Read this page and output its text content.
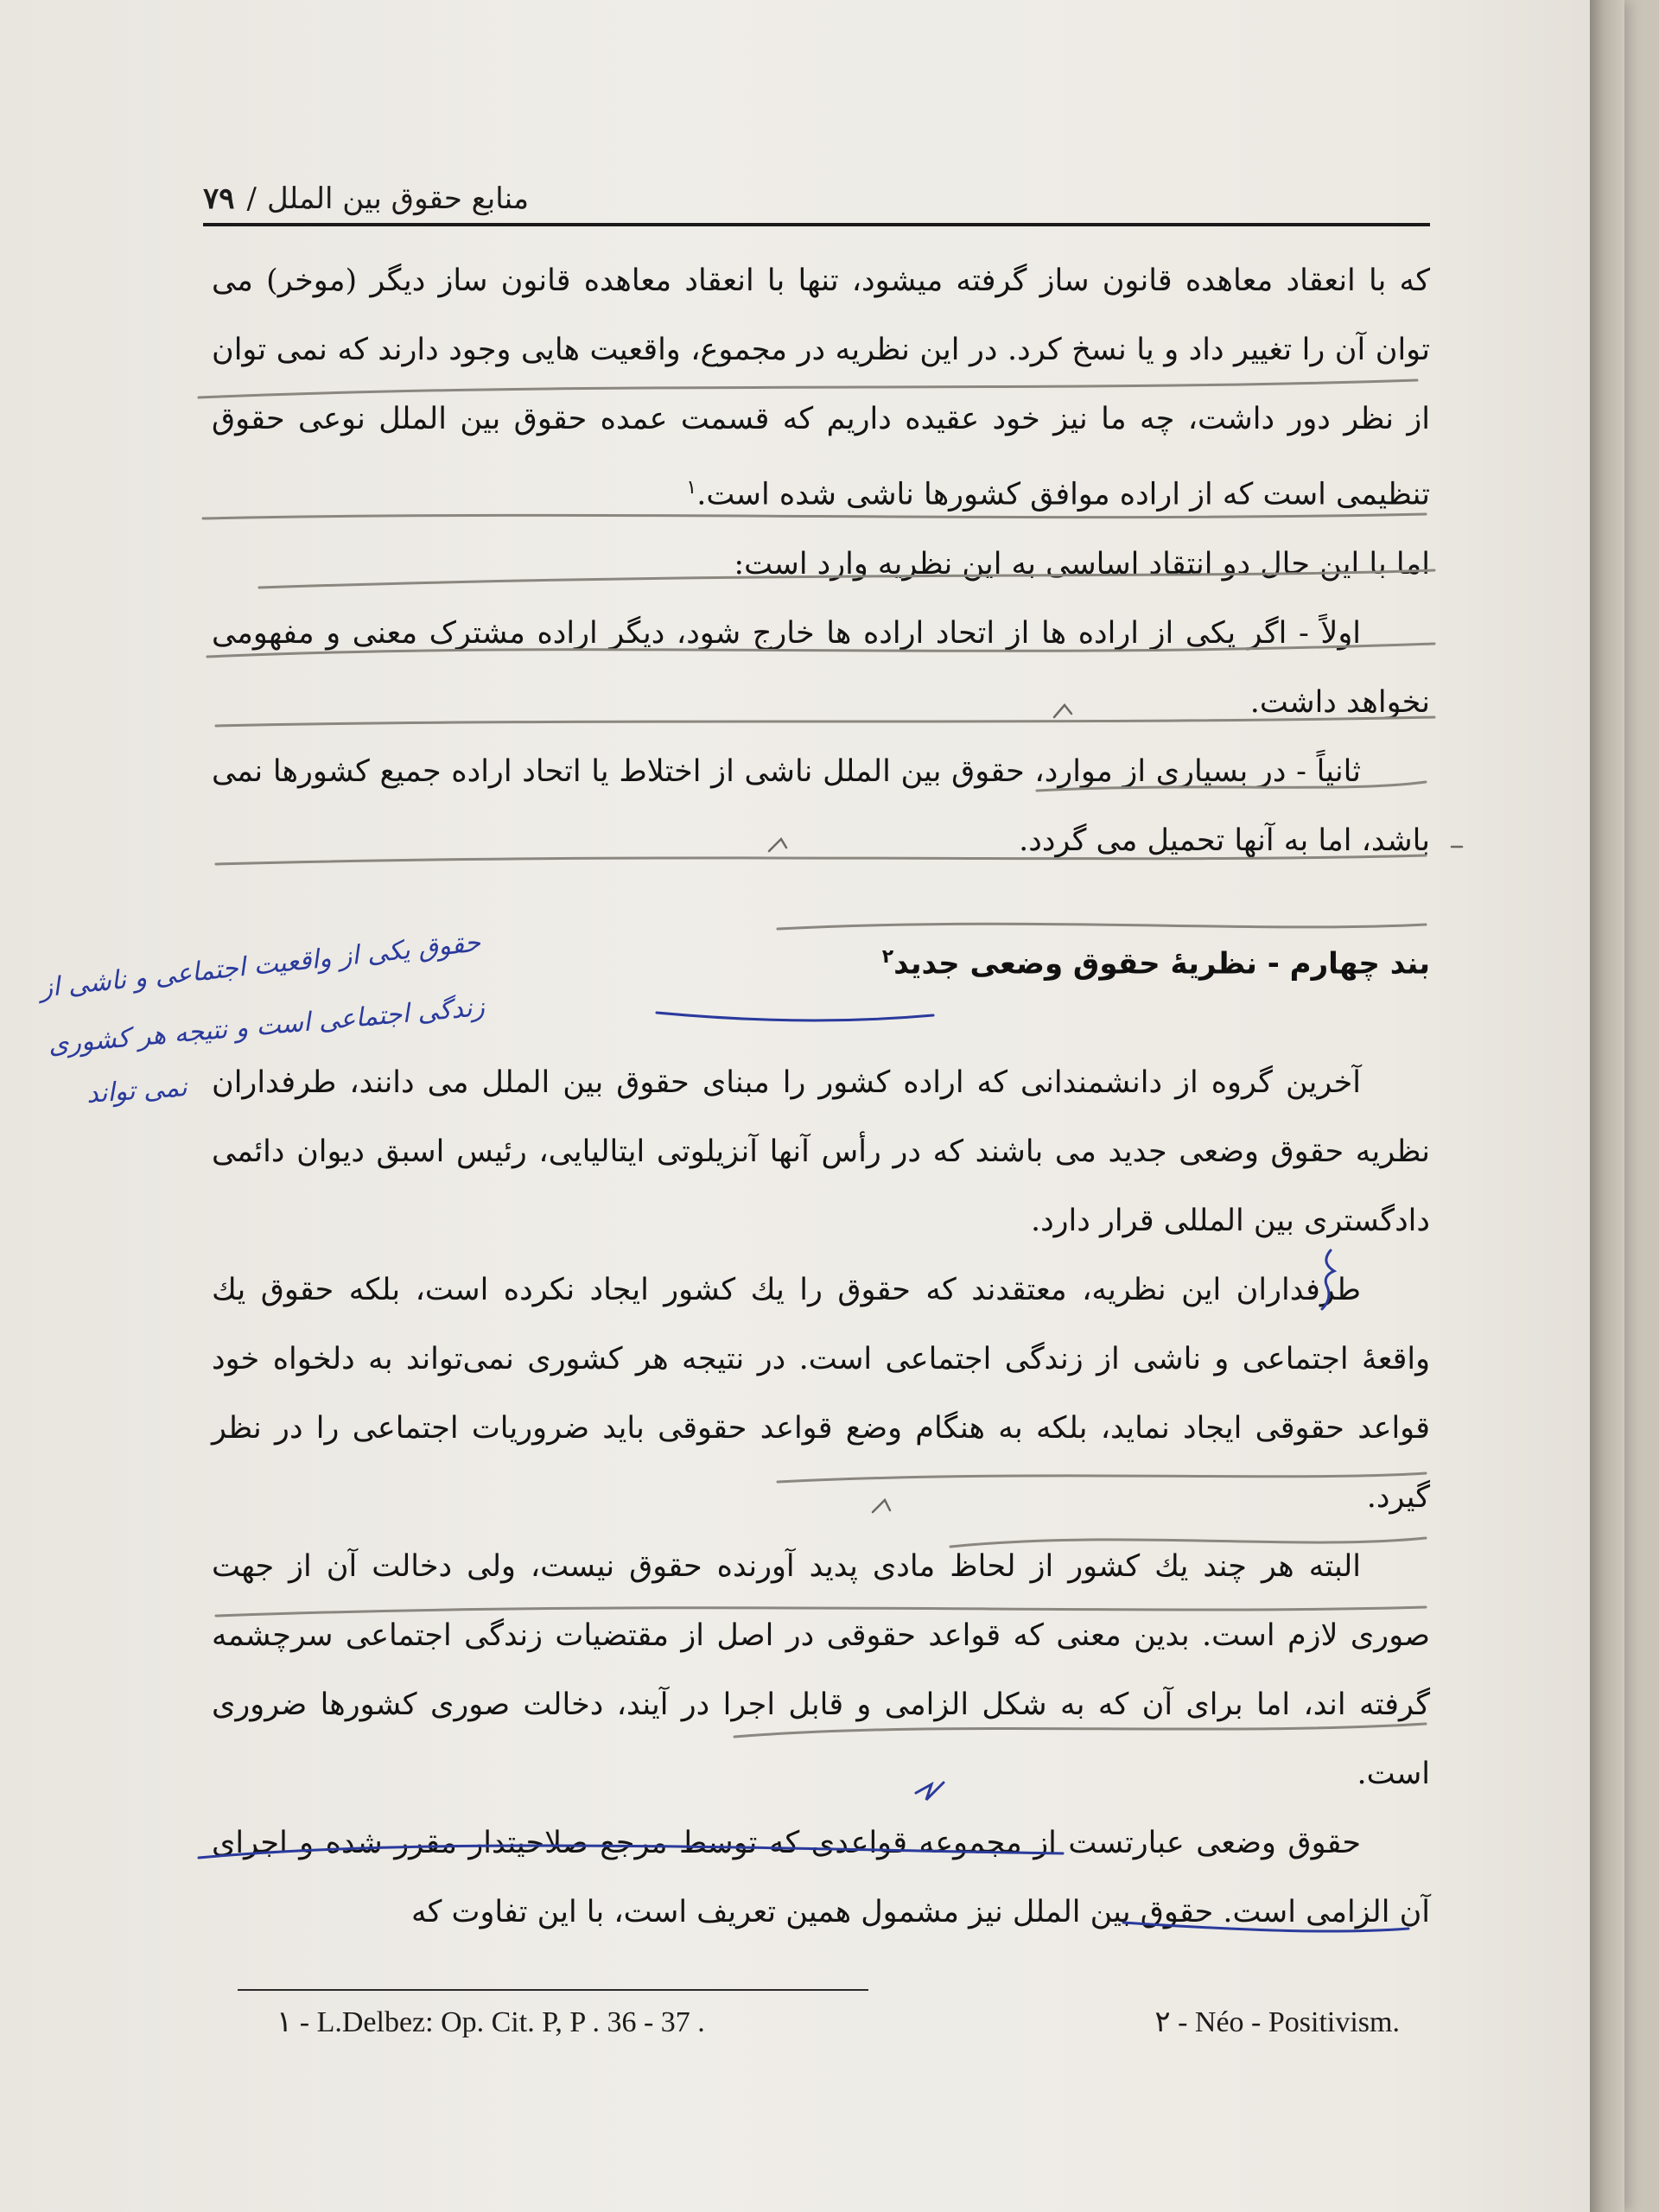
منابع حقوق بین الملل
/
۷۹

که با انعقاد معاهده قانون ساز گرفته میشود، تنها با انعقاد معاهده قانون ساز دیگر (موخر) می توان آن را تغییر داد و یا نسخ کرد. در این نظریه در مجموع، واقعیت هایی وجود دارند که نمی توان از نظر دور داشت، چه ما نیز خود عقیده داریم که قسمت عمده حقوق بین الملل نوعی حقوق تنظیمی است که از اراده موافق کشورها ناشی شده است.$^۱$

اما با این حال دو انتقاد اساسی به این نظریه وارد است:

اولاً - اگر یکی از اراده ها از اتحاد اراده ها خارج شود، دیگر اراده مشترک معنی و مفهومی نخواهد داشت.

ثانیاً - در بسیاری از موارد، حقوق بین الملل ناشی از اختلاط یا اتحاد اراده جمیع کشورها نمی باشد، اما به آنها تحمیل می گردد.

بند چهارم - نظریهٔ حقوق وضعی جدید$^۲$

آخرین گروه از دانشمندانی که اراده کشور را مبنای حقوق بین الملل می دانند، طرفداران نظریه حقوق وضعی جدید می باشند که در رأس آنها آنزیلوتی ایتالیایی، رئیس اسبق دیوان دائمی دادگستری بین المللی قرار دارد.

طرفداران این نظریه، معتقدند که حقوق را یك کشور ایجاد نکرده است، بلکه حقوق یك واقعهٔ اجتماعی و ناشی از زندگی اجتماعی است. در نتیجه هر کشوری نمی‌تواند به دلخواه خود قواعد حقوقی ایجاد نماید، بلکه به هنگام وضع قواعد حقوقی باید ضروریات اجتماعی را در نظر گیرد.

البته هر چند یك کشور از لحاظ مادی پدید آورنده حقوق نیست، ولی دخالت آن از جهت صوری لازم است. بدین معنی که قواعد حقوقی در اصل از مقتضیات زندگی اجتماعی سرچشمه گرفته اند، اما برای آن که به شکل الزامی و قابل اجرا در آیند، دخالت صوری کشورها ضروری است.

حقوق وضعی عبارتست از مجموعه قواعدی که توسط مرجع صلاحیتدار مقرر شده و اجرای آن الزامی است. حقوق بین الملل نیز مشمول همین تعریف است، با این تفاوت که

۱ - L.Delbez: Op. Cit. P, P . 36 - 37 .	۲ - Néo - Positivism.
حقوق یکی از واقعیت اجتماعی و ناشی از
زندگی اجتماعی است و نتیجه هر کشوری
نمی تواند
